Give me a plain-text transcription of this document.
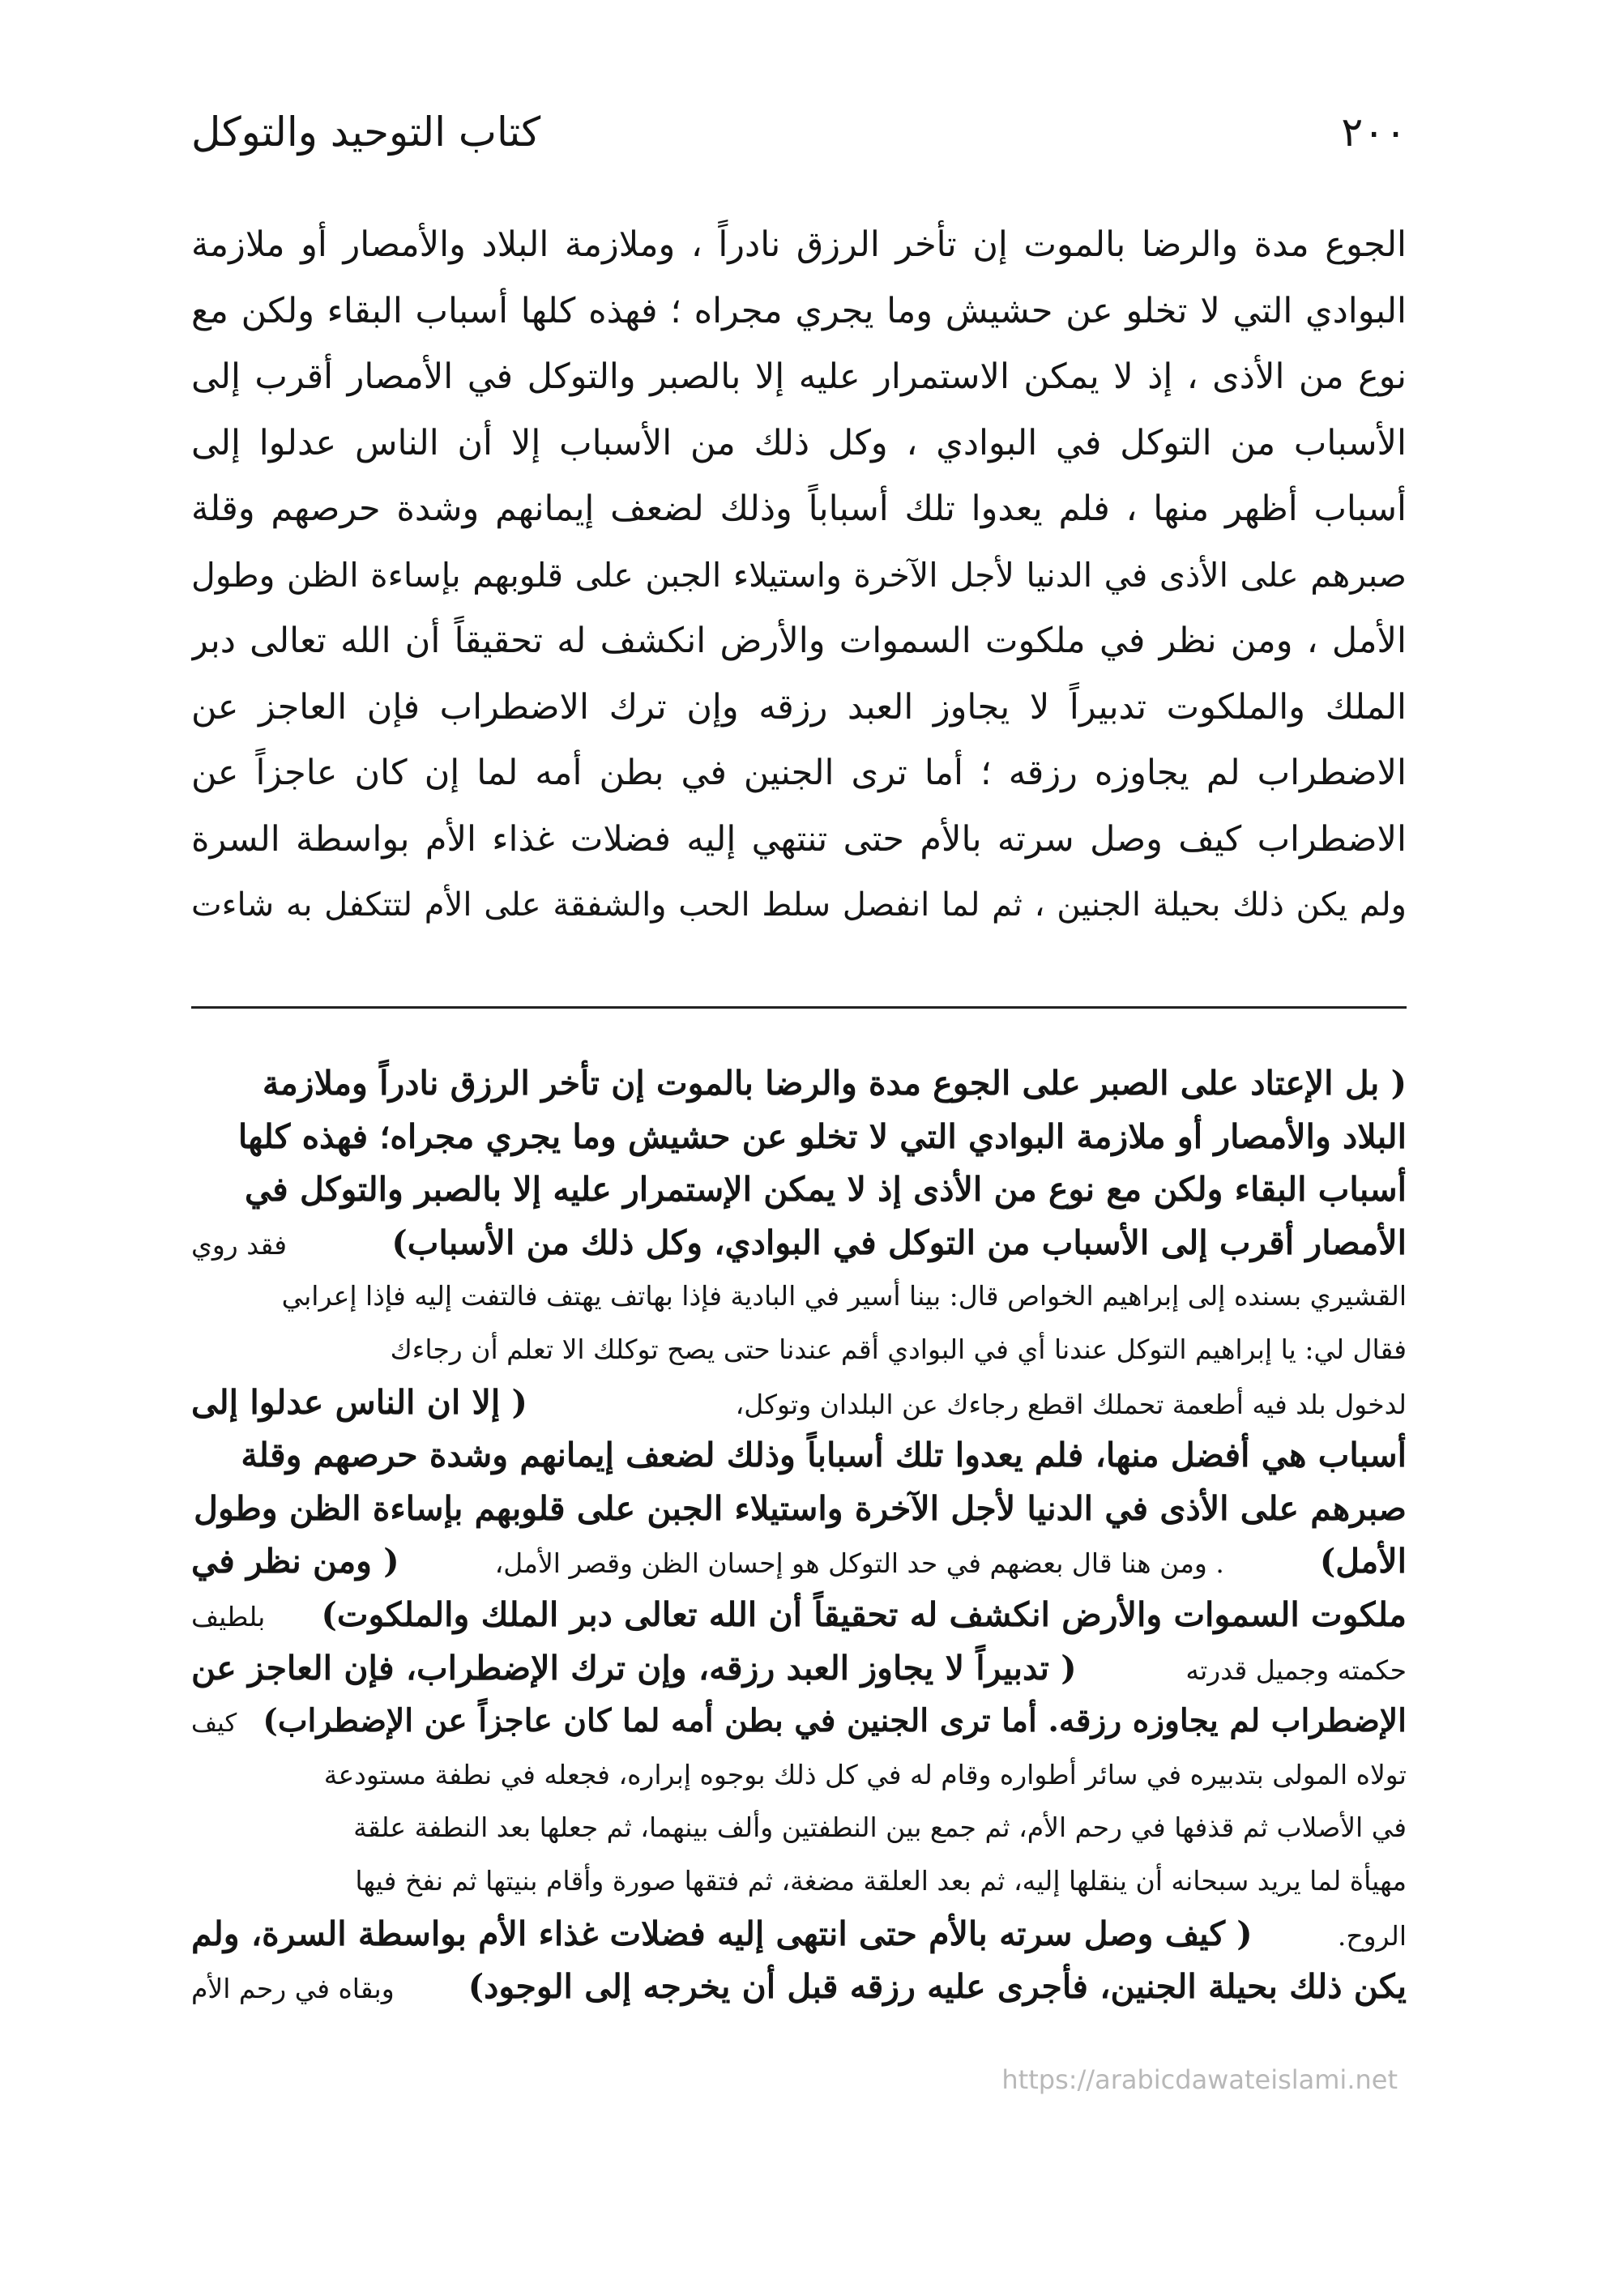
٢٠٠
كتاب التوحيد والتوكل
الجوع مدة والرضا بالموت إن تأخر الرزق نادراً ، وملازمة البلاد والأمصار أو ملازمة
البوادي التي لا تخلو عن حشيش وما يجري مجراه ؛ فهذه كلها أسباب البقاء ولكن مع
نوع من الأذى ، إذ لا يمكن الاستمرار عليه إلا بالصبر والتوكل في الأمصار أقرب إلى
الأسباب من التوكل في البوادي ، وكل ذلك من الأسباب إلا أن الناس عدلوا إلى
أسباب أظهر منها ، فلم يعدوا تلك أسباباً وذلك لضعف إيمانهم وشدة حرصهم وقلة
صبرهم على الأذى في الدنيا لأجل الآخرة واستيلاء الجبن على قلوبهم بإساءة الظن وطول
الأمل ، ومن نظر في ملكوت السموات والأرض انكشف له تحقيقاً أن الله تعالى دبر
الملك والملكوت تدبيراً لا يجاوز العبد رزقه وإن ترك الاضطراب فإن العاجز عن
الاضطراب لم يجاوزه رزقه ؛ أما ترى الجنين في بطن أمه لما إن كان عاجزاً عن
الاضطراب كيف وصل سرته بالأم حتى تنتهي إليه فضلات غذاء الأم بواسطة السرة
ولم يكن ذلك بحيلة الجنين ، ثم لما انفصل سلط الحب والشفقة على الأم لتتكفل به شاءت
( بل الإعتاد على الصبر على الجوع مدة والرضا بالموت إن تأخر الرزق نادراً وملازمة
البلاد والأمصار أو ملازمة البوادي التي لا تخلو عن حشيش وما يجري مجراه؛ فهذه كلها
أسباب البقاء ولكن مع نوع من الأذى إذ لا يمكن الإستمرار عليه إلا بالصبر والتوكل في
الأمصار أقرب إلى الأسباب من التوكل في البوادي، وكل ذلك من الأسباب)
فقد روي
القشيري بسنده إلى إبراهيم الخواص قال: بينا أسير في البادية فإذا بهاتف يهتف فالتفت إليه فإذا إعرابي
فقال لي: يا إبراهيم التوكل عندنا أي في البوادي أقم عندنا حتى يصح توكلك الا تعلم أن رجاءك
لدخول بلد فيه أطعمة تحملك اقطع رجاءك عن البلدان وتوكل،
( إلا ان الناس عدلوا إلى
أسباب هي أفضل منها، فلم يعدوا تلك أسباباً وذلك لضعف إيمانهم وشدة حرصهم وقلة
صبرهم على الأذى في الدنيا لأجل الآخرة واستيلاء الجبن على قلوبهم بإساءة الظن وطول
الأمل)
. ومن هنا قال بعضهم في حد التوكل هو إحسان الظن وقصر الأمل،
( ومن نظر في
ملكوت السموات والأرض انكشف له تحقيقاً أن الله تعالى دبر الملك والملكوت)
بلطيف
حكمته وجميل قدرته
( تدبيراً لا يجاوز العبد رزقه، وإن ترك الإضطراب، فإن العاجز عن
الإضطراب لم يجاوزه رزقه. أما ترى الجنين في بطن أمه لما كان عاجزاً عن الإضطراب)
كيف
تولاه المولى بتدبيره في سائر أطواره وقام له في كل ذلك بوجوه إبراره، فجعله في نطفة مستودعة
في الأصلاب ثم قذفها في رحم الأم، ثم جمع بين النطفتين وألف بينهما، ثم جعلها بعد النطفة علقة
مهيأة لما يريد سبحانه أن ينقلها إليه، ثم بعد العلقة مضغة، ثم فتقها صورة وأقام بنيتها ثم نفخ فيها
الروح.
( كيف وصل سرته بالأم حتى انتهى إليه فضلات غذاء الأم بواسطة السرة، ولم
يكن ذلك بحيلة الجنين، فأجرى عليه رزقه قبل أن يخرجه إلى الوجود)
وبقاه في رحم الأم
https://arabicdawateislami.net
